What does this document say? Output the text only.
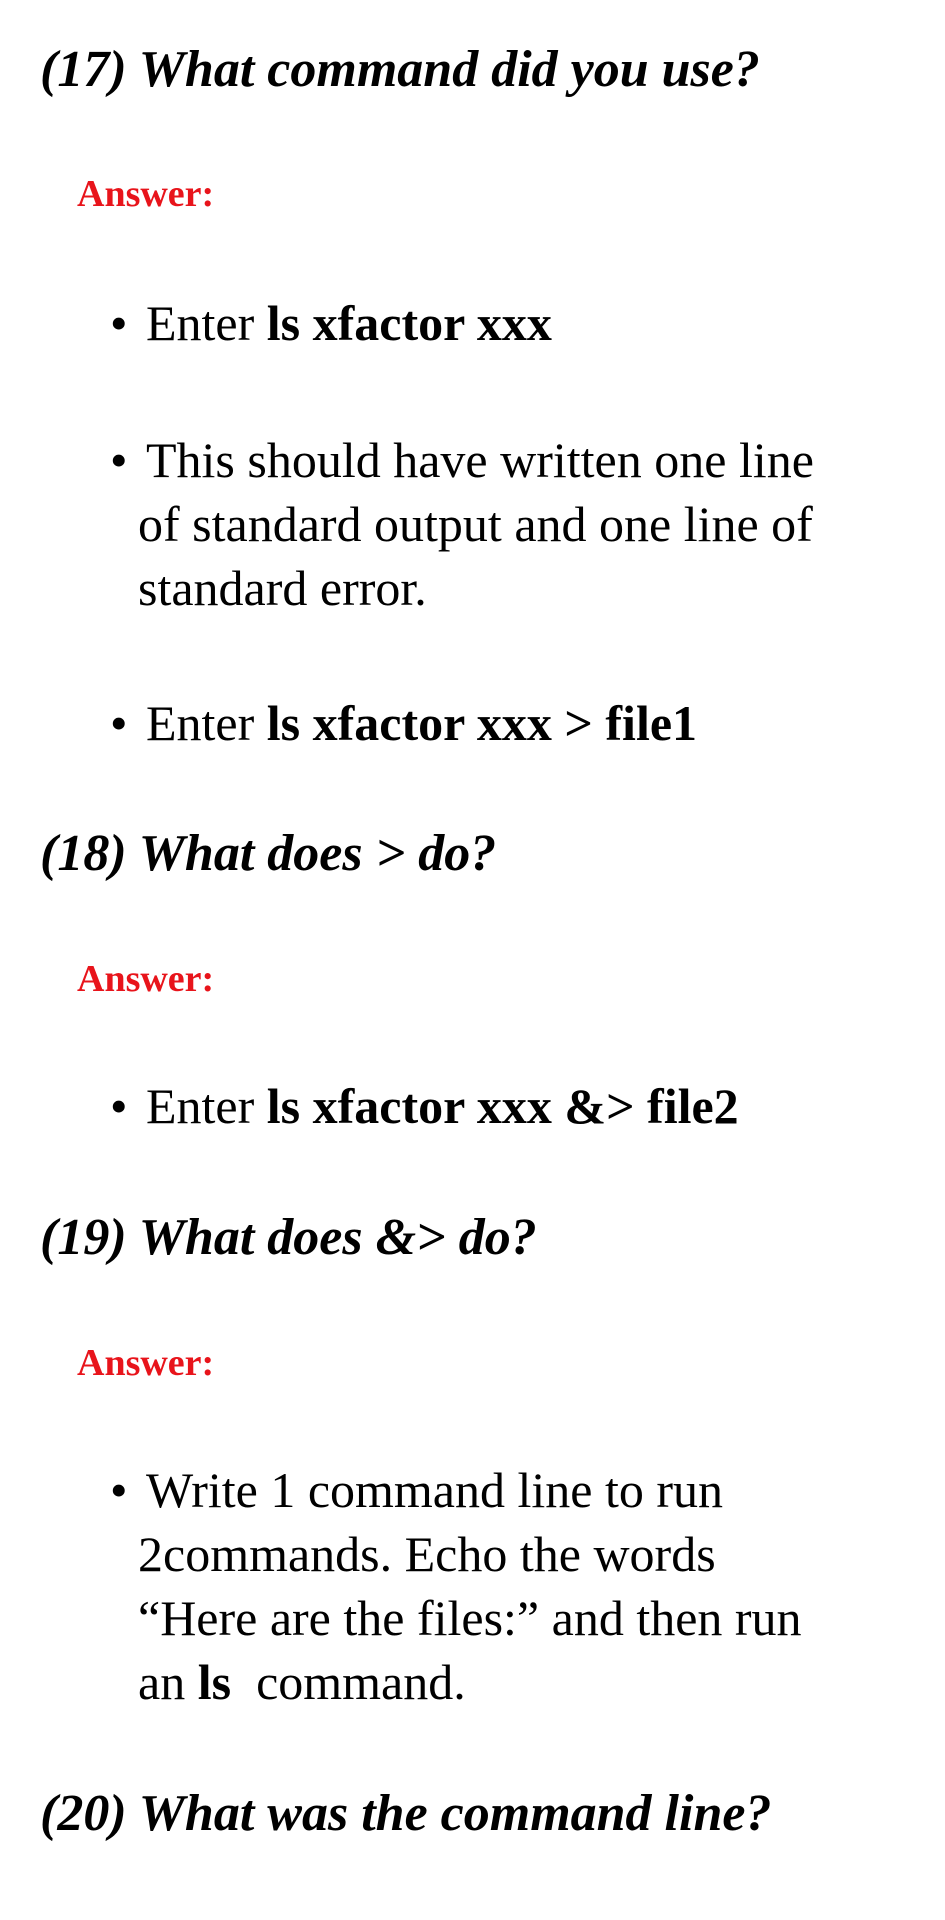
(17) What command did you use?
Answer:
• Enter ls xfactor xxx
• This should have written one line

of standard output and one line of

standard error.

• Enter ls xfactor xxx > file1
(18) What does > do?
Answer:
• Enter ls xfactor xxx &> file2
(19) What does &> do?
Answer:
• Write 1 command line to run

2commands. Echo the words

“Here are the files:” and then run

an ls  command.

(20) What was the command line?
